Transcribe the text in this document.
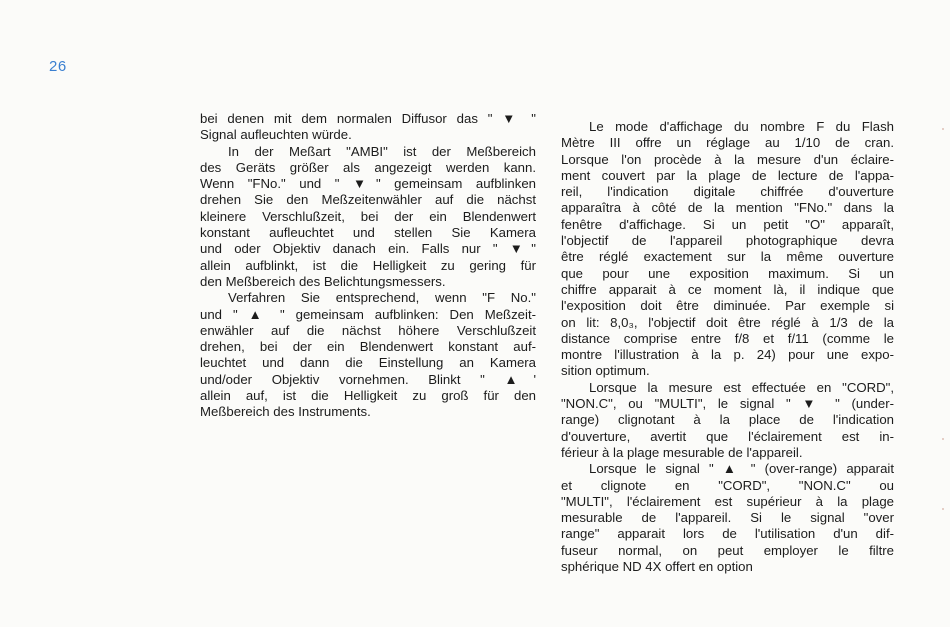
26

bei denen mit dem normalen Diffusor das " ▼ "
Signal aufleuchten würde.

In der Meßart "AMBI" ist der Meßbereich
des Geräts größer als angezeigt werden kann.
Wenn "FNo." und " ▼" gemeinsam aufblinken
drehen Sie den Meßzeitenwähler auf die nächst
kleinere Verschlußzeit, bei der ein Blendenwert
konstant aufleuchtet und stellen Sie Kamera
und oder Objektiv danach ein. Falls nur " ▼"
allein aufblinkt, ist die Helligkeit zu gering für
den Meßbereich des Belichtungsmessers.

Verfahren Sie entsprechend, wenn "F No."
und " ▲ " gemeinsam aufblinken: Den Meßzeit-
enwähler auf die nächst höhere Verschlußzeit
drehen, bei der ein Blendenwert konstant auf-
leuchtet und dann die Einstellung an Kamera
und/oder Objektiv vornehmen. Blinkt " ▲'
allein auf, ist die Helligkeit zu groß für den
Meßbereich des Instruments.

Le mode d'affichage du nombre F du Flash
Mètre III offre un réglage au 1/10 de cran.
Lorsque l'on procède à la mesure d'un éclaire-
ment couvert par la plage de lecture de l'appa-
reil, l'indication digitale chiffrée d'ouverture
apparaîtra à côté de la mention "FNo." dans la
fenêtre d'affichage. Si un petit "O" apparaît,
l'objectif de l'appareil photographique devra
être réglé exactement sur la même ouverture
que pour une exposition maximum. Si un
chiffre apparait à ce moment là, il indique que
l'exposition doit être diminuée. Par exemple si
on lit: 8,0₃, l'objectif doit être réglé à 1/3 de la
distance comprise entre f/8 et f/11 (comme le
montre l'illustration à la p. 24) pour une expo-
sition optimum.

Lorsque la mesure est effectuée en "CORD",
"NON.C", ou "MULTI", le signal " ▼ " (under-
range) clignotant à la place de l'indication
d'ouverture, avertit que l'éclairement est in-
férieur à la plage mesurable de l'appareil.

Lorsque le signal " ▲ " (over-range) apparait
et clignote en "CORD", "NON.C" ou
"MULTI", l'éclairement est supérieur à la plage
mesurable de l'appareil. Si le signal "over
range" apparait lors de l'utilisation d'un dif-
fuseur normal, on peut employer le filtre
sphérique ND 4X offert en option
